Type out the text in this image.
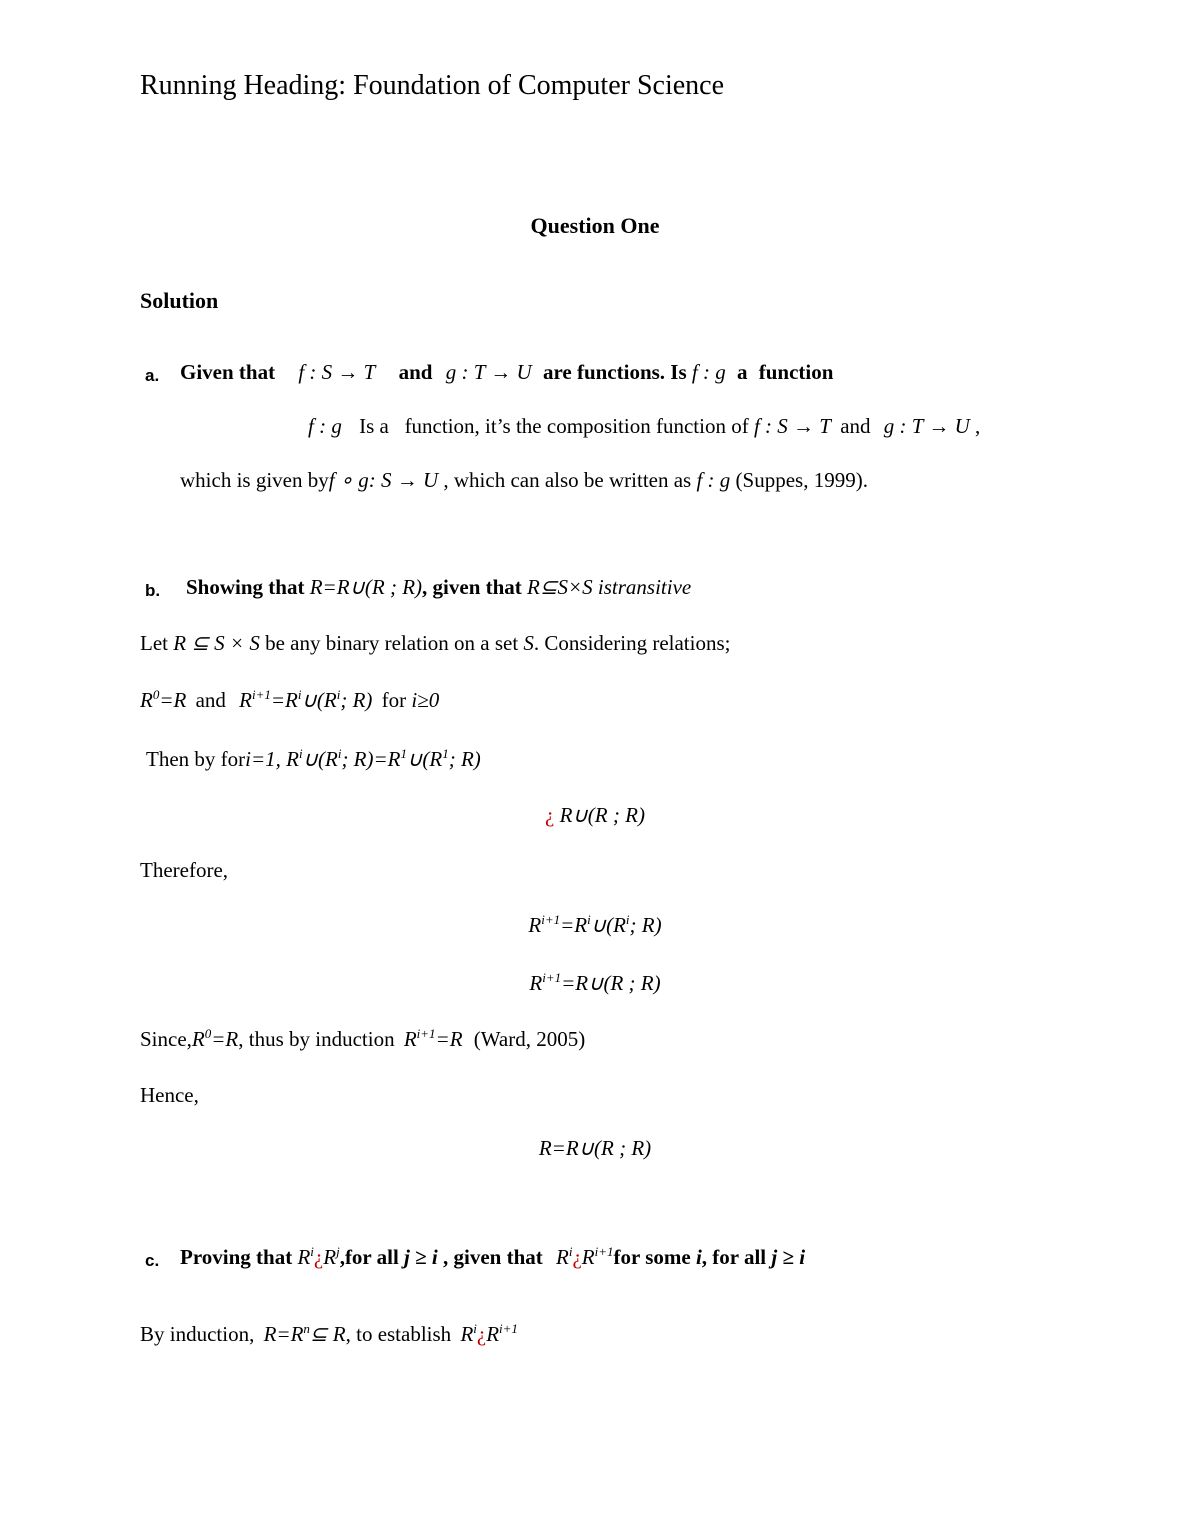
Running Heading: Foundation of Computer Science
Question One
Solution
a. Given that f : S → T and g : T → U are functions. Is f : g a function
f : g Is a   function, it’s the composition function of f : S → T and g : T → U ,
which is given byf ∘ g: S → U , which can also be written as f : g (Suppes, 1999).
b. Showing that R=R∪(R ; R), given that R⊆S×S istransitive
Let R ⊆ S × S be any binary relation on a set S. Considering relations;
$R^0=R$ and $R^{i+1}=R^i\cup(R^i$; R) for i≥0
Then by fori=1, $R^i\cup(R^i$; $R)=R^1\cup(R^1$; R)
¿ R∪(R ; R)
Therefore,
$R^{i+1}=R^i\cup(R^i$; R)
$R^{i+1}=R\cup(R$ ; R)
$Since,R^0=R$, thus by induction $R^{i+1}=R$ (Ward, 2005)
Hence,
R=R∪(R ; R)
c. Proving that $R^i¿R^j,for$ all j ≥ i , given that $R^i¿R^{i+1}for$ some i, for all j ≥ i
By induction, $R=R^n⊆$ R, to establish $R^i¿R^{i+1}$
